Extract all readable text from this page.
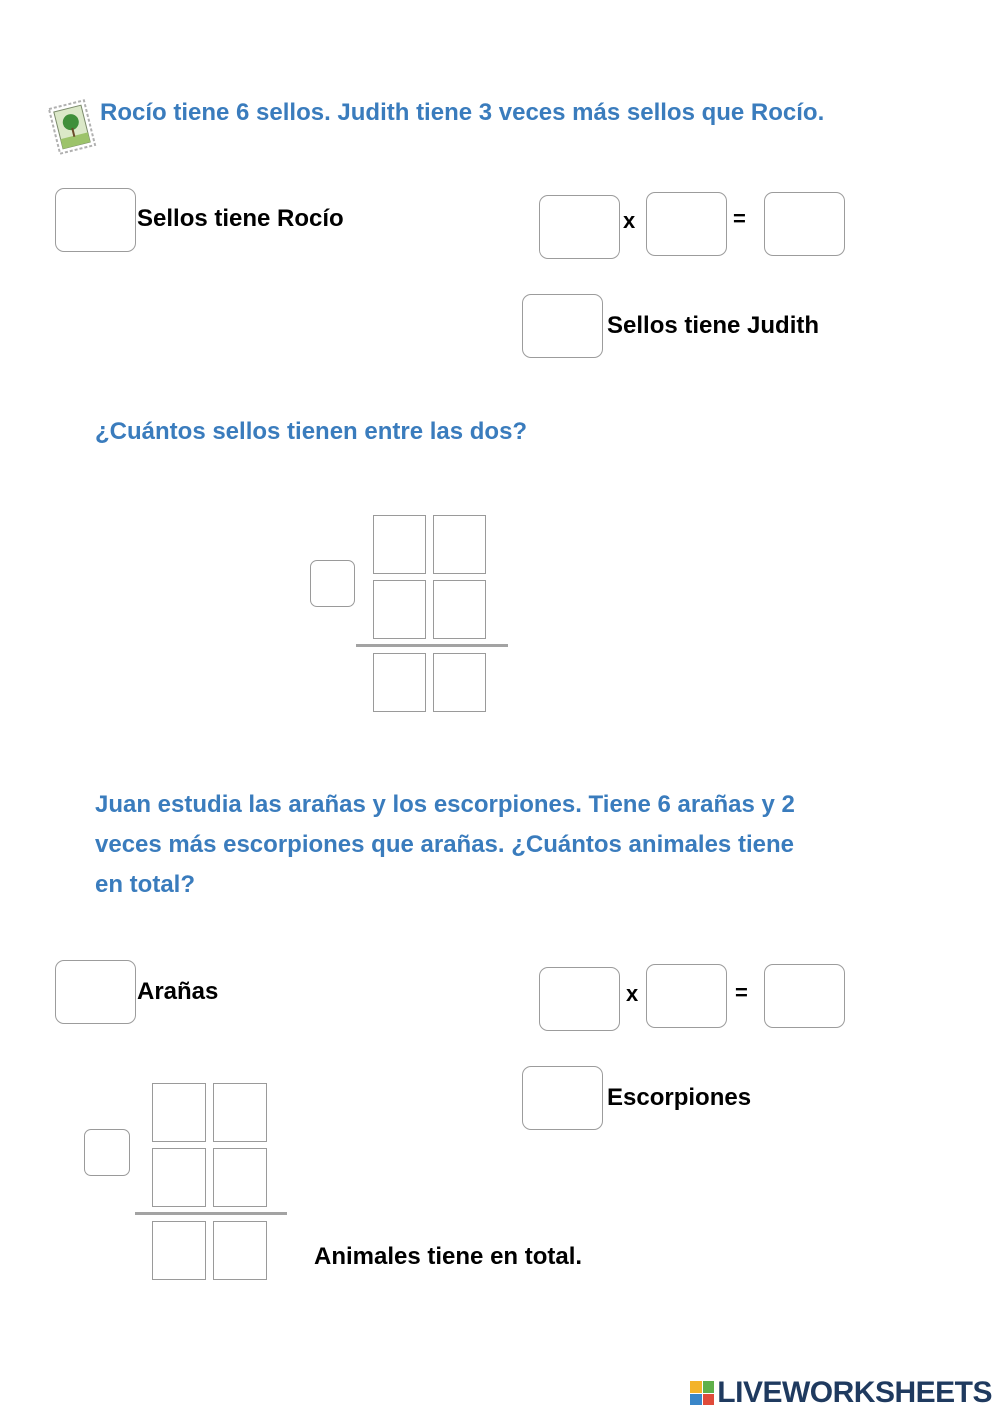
Rocío tiene 6 sellos. Judith tiene 3 veces más sellos que Rocío.
Sellos tiene Rocío	x	=
Sellos tiene Judith
¿Cuántos sellos tienen entre las dos?
Juan estudia las arañas y los escorpiones. Tiene 6 arañas y 2
veces más escorpiones que arañas. ¿Cuántos animales tiene
en total?
Arañas	x	=
Escorpiones
Animales tiene en total.
LIVEWORKSHEETS
